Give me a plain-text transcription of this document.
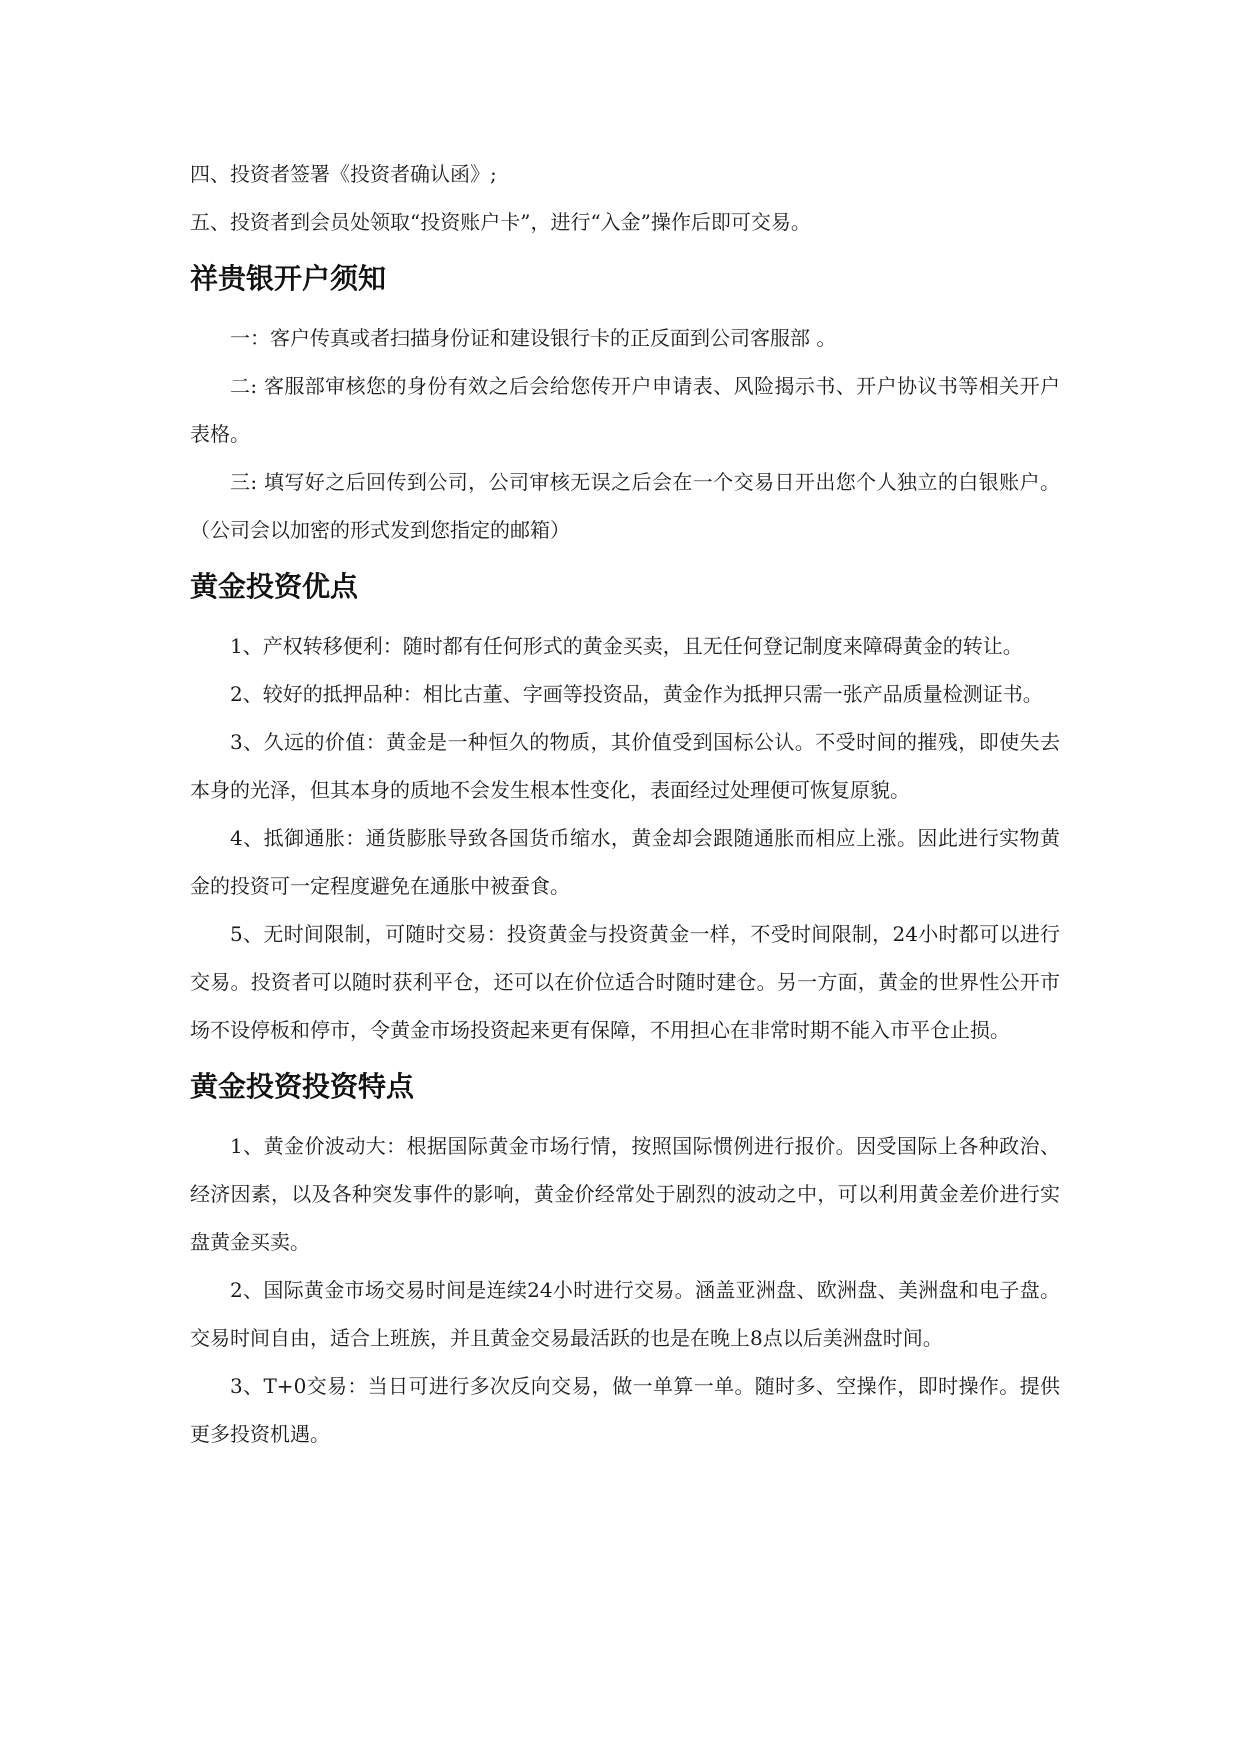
四、投资者签署《投资者确认函》;

五、投资者到会员处领取“投资账户卡”，进行“入金”操作后即可交易。

祥贵银开户须知

一：客户传真或者扫描身份证和建设银行卡的正反面到公司客服部 。

二: 客服部审核您的身份有效之后会给您传开户申请表、风险揭示书、开户协议书等相关开户表格。

三: 填写好之后回传到公司，公司审核无误之后会在一个交易日开出您个人独立的白银账户。 （公司会以加密的形式发到您指定的邮箱）

黄金投资优点

1、产权转移便利：随时都有任何形式的黄金买卖，且无任何登记制度来障碍黄金的转让。

2、较好的抵押品种：相比古董、字画等投资品，黄金作为抵押只需一张产品质量检测证书。

3、久远的价值：黄金是一种恒久的物质，其价值受到国标公认。不受时间的摧残，即使失去本身的光泽，但其本身的质地不会发生根本性变化，表面经过处理便可恢复原貌。

4、抵御通胀：通货膨胀导致各国货币缩水，黄金却会跟随通胀而相应上涨。因此进行实物黄金的投资可一定程度避免在通胀中被蚕食。

5、无时间限制，可随时交易：投资黄金与投资黄金一样，不受时间限制，24小时都可以进行交易。投资者可以随时获利平仓，还可以在价位适合时随时建仓。另一方面，黄金的世界性公开市场不设停板和停市，令黄金市场投资起来更有保障，不用担心在非常时期不能入市平仓止损。

黄金投资投资特点

1、黄金价波动大：根据国际黄金市场行情，按照国际惯例进行报价。因受国际上各种政治、经济因素，以及各种突发事件的影响，黄金价经常处于剧烈的波动之中，可以利用黄金差价进行实盘黄金买卖。

2、国际黄金市场交易时间是连续24小时进行交易。涵盖亚洲盘、欧洲盘、美洲盘和电子盘。交易时间自由，适合上班族，并且黄金交易最活跃的也是在晚上8点以后美洲盘时间。

3、T+0交易：当日可进行多次反向交易，做一单算一单。随时多、空操作，即时操作。提供更多投资机遇。
